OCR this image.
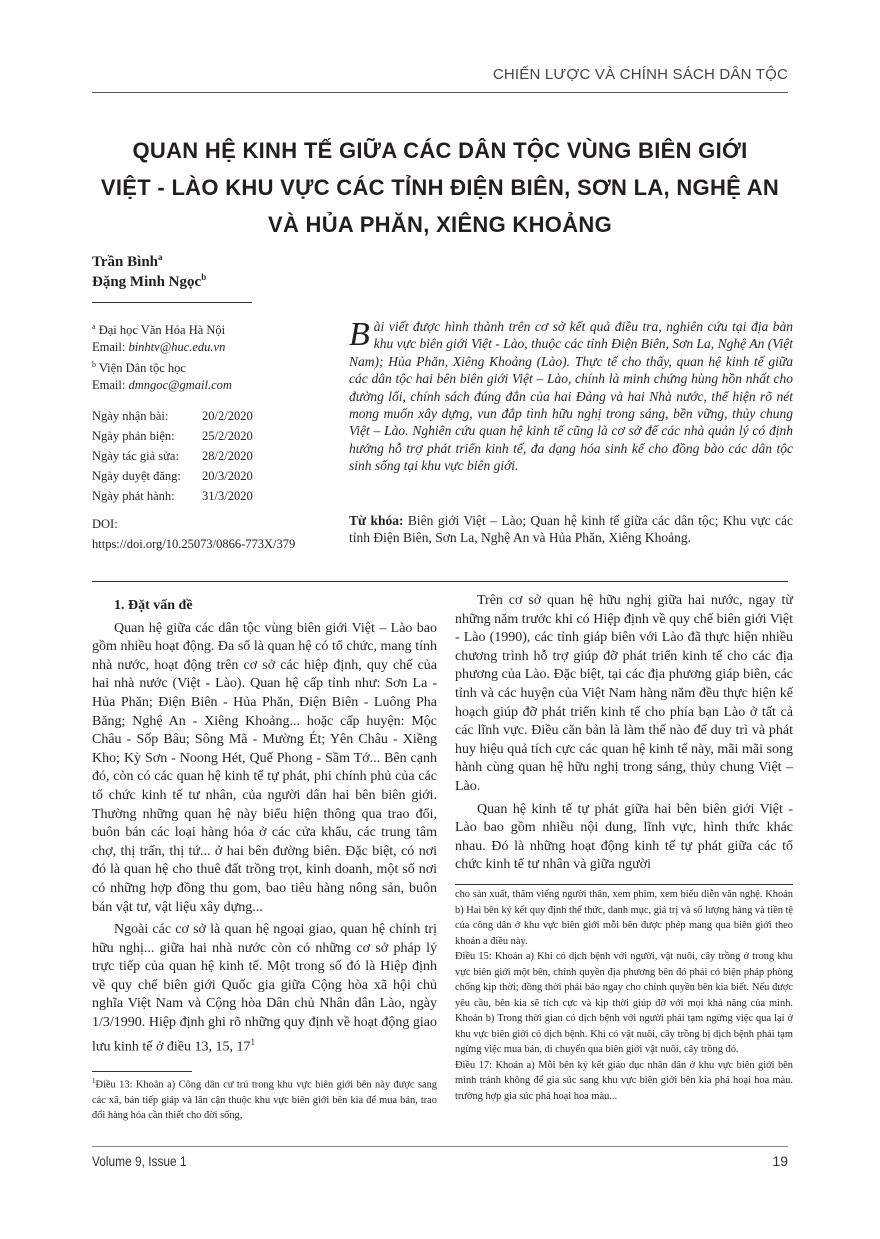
CHIẾN LƯỢC VÀ CHÍNH SÁCH DÂN TỘC
QUAN HỆ KINH TẾ GIỮA CÁC DÂN TỘC VÙNG BIÊN GIỚI
VIỆT - LÀO KHU VỰC CÁC TỈNH ĐIỆN BIÊN, SƠN LA, NGHỆ AN
VÀ HỦA PHĂN, XIÊNG KHOẢNG
Trần Bình$^a$
Đặng Minh Ngọc$^b$
$^a$ Đại học Văn Hóa Hà Nội
Email: binhtv@huc.edu.vn
$^b$ Viện Dân tộc học
Email: dmngoc@gmail.com
Ngày nhận bài:	20/2/2020
Ngày phản biện:	25/2/2020
Ngày tác giả sửa:	28/2/2020
Ngày duyệt đăng:	20/3/2020
Ngày phát hành:	31/3/2020
DOI:
https://doi.org/10.25073/0866-773X/379
Bài viết được hình thành trên cơ sở kết quả điều tra, nghiên cứu tại địa bàn khu vực biên giới Việt - Lào, thuộc các tỉnh Điện Biên, Sơn La, Nghệ An (Việt Nam); Hủa Phăn, Xiêng Khoảng (Lào). Thực tế cho thấy, quan hệ kinh tế giữa các dân tộc hai bên biên giới Việt – Lào, chính là minh chứng hùng hồn nhất cho đường lối, chính sách đúng đắn của hai Đảng và hai Nhà nước, thể hiện rõ nét mong muốn xây dựng, vun đắp tình hữu nghị trong sáng, bền vững, thủy chung Việt – Lào. Nghiên cứu quan hệ kinh tế cũng là cơ sở để các nhà quản lý có định hướng hỗ trợ phát triển kinh tế, đa dạng hóa sinh kế cho đồng bào các dân tộc sinh sống tại khu vực biên giới.
Từ khóa: Biên giới Việt – Lào; Quan hệ kinh tế giữa các dân tộc; Khu vực các tỉnh Điện Biên, Sơn La, Nghệ An và Hủa Phăn, Xiêng Khoảng.
1. Đặt vấn đề

Quan hệ giữa các dân tộc vùng biên giới Việt – Lào bao gồm nhiều hoạt động. Đa số là quan hệ có tổ chức, mang tính nhà nước, hoạt động trên cơ sở các hiệp định, quy chế của hai nhà nước (Việt - Lào). Quan hệ cấp tỉnh như: Sơn La - Hủa Phăn; Điện Biên - Hủa Phăn, Điện Biên - Luông Pha Băng; Nghệ An - Xiêng Khoảng... hoặc cấp huyện: Mộc Châu - Sốp Bâu; Sông Mã - Mường Ét; Yên Châu - Xiềng Kho; Kỳ Sơn - Noong Hét, Quế Phong - Sầm Tớ... Bên cạnh đó, còn có các quan hệ kinh tế tự phát, phi chính phủ của các tổ chức kinh tế tư nhân, của người dân hai bên biên giới. Thường những quan hệ này biểu hiện thông qua trao đổi, buôn bán các loại hàng hóa ở các cửa khẩu, các trung tâm chợ, thị trấn, thị tứ... ở hai bên đường biên. Đặc biệt, có nơi đó là quan hệ cho thuê đất trồng trọt, kinh doanh, một số nơi có những hợp đồng thu gom, bao tiêu hàng nông sản, buôn bán vật tư, vật liệu xây dựng...

Ngoài các cơ sở là quan hệ ngoại giao, quan hệ chính trị hữu nghị... giữa hai nhà nước còn có những cơ sở pháp lý trực tiếp của quan hệ kinh tế. Một trong số đó là Hiệp định về quy chế biên giới Quốc gia giữa Cộng hòa xã hội chủ nghĩa Việt Nam và Cộng hòa Dân chủ Nhân dân Lào, ngày 1/3/1990. Hiệp định ghi rõ những quy định về hoạt động giao lưu kinh tế ở điều 13, 15, $17^1$

Trên cơ sở quan hệ hữu nghị giữa hai nước, ngay từ những năm trước khi có Hiệp định về quy chế biên giới Việt - Lào (1990), các tỉnh giáp biên với Lào đã thực hiện nhiều chương trình hỗ trợ giúp đỡ phát triển kinh tế cho các địa phương của Lào. Đặc biệt, tại các địa phương giáp biên, các tỉnh và các huyện của Việt Nam hàng năm đều thực hiện kế hoạch giúp đỡ phát triển kinh tế cho phía bạn Lào ở tất cả các lĩnh vực. Điều căn bản là làm thế nào để duy trì và phát huy hiệu quả tích cực các quan hệ kinh tế này, mãi mãi song hành cùng quan hệ hữu nghị trong sáng, thủy chung Việt – Lào.

Quan hệ kinh tế tự phát giữa hai bên biên giới Việt - Lào bao gồm nhiều nội dung, lĩnh vực, hình thức khác nhau. Đó là những hoạt động kinh tế tự phát giữa các tổ chức kinh tế tư nhân và giữa người

$^1$Điều 13: Khoản a) Công dân cư trú trong khu vực biên giới bên này được sang các xã, bản tiếp giáp và lân cận thuộc khu vực biên giới bên kia để mua bán, trao đổi hàng hóa cần thiết cho đời sống,

cho sản xuất, thăm viếng người thân, xem phim, xem biểu diễn văn nghệ. Khoản b) Hai bên ký kết quy định thể thức, danh mục, giá trị và số lượng hàng và tiền tệ của công dân ở khu vực biên giới mỗi bên được phép mang qua biên giới theo khoản a điều này.

Điều 15: Khoản a) Khi có dịch bệnh với người, vật nuôi, cây trồng ở trong khu vực biên giới một bên, chính quyền địa phương bên đó phải có biện pháp phòng chống kịp thời; đồng thời phải báo ngay cho chính quyền bên kia biết. Nếu được yêu cầu, bên kia sẽ tích cực và kịp thời giúp đỡ với mọi khả năng của mình. Khoản b) Trong thời gian có dịch bệnh với người phải tạm ngừng việc qua lại ở khu vực biên giới có dịch bệnh. Khi có vật nuôi, cây trồng bị dịch bệnh phải tạm ngừng việc mua bán, di chuyển qua biên giới vật nuôi, cây trồng đó.

Điều 17: Khoản a) Mỗi bên ký kết giáo dục nhân dân ở khu vực biên giới bên mình tránh không để gia súc sang khu vực biên giới bên kia phá hoại hoa màu. trường hợp gia súc phá hoại hoa màu...

Volume 9, Issue 1	19
